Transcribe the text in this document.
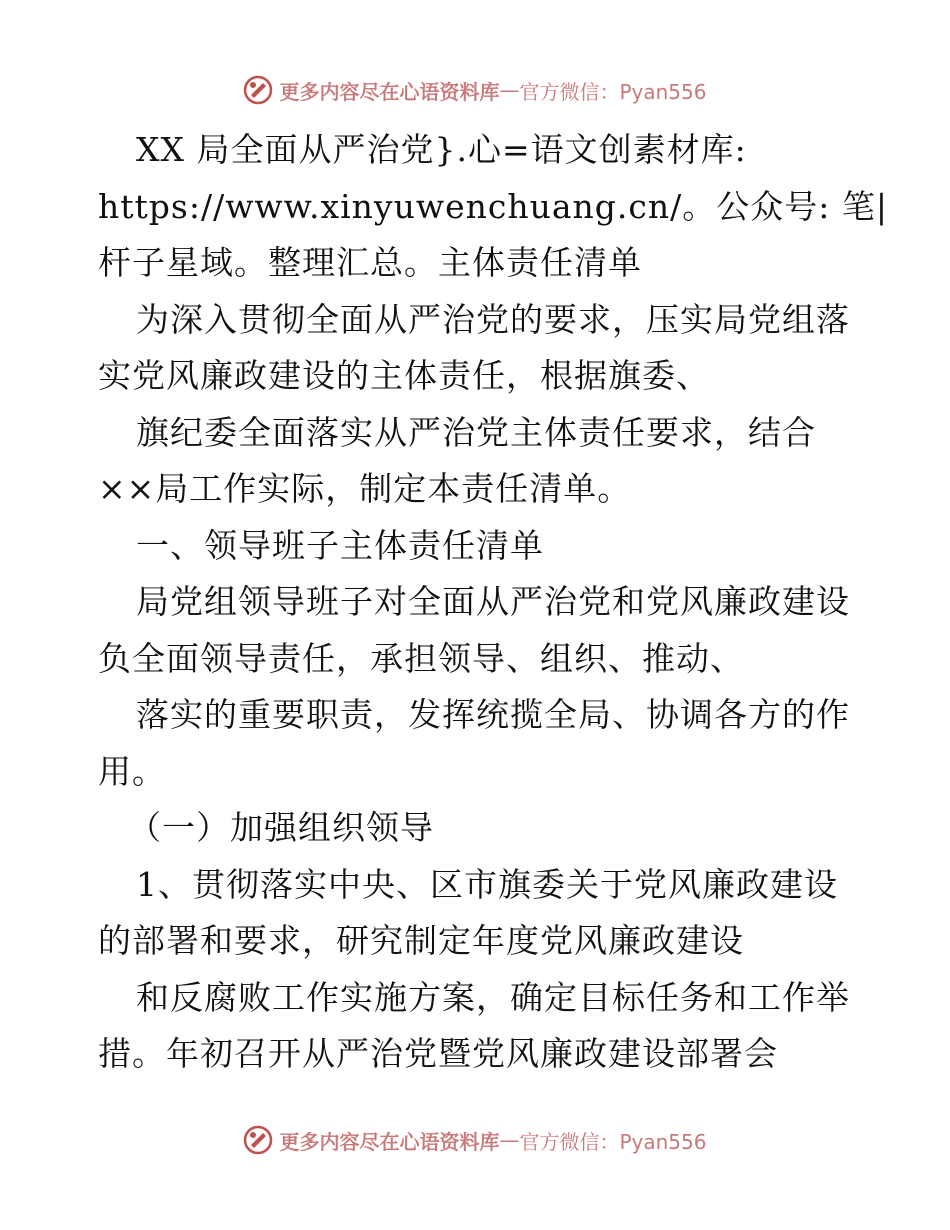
更多内容尽在心语资料库 — 官方微信：Pyan556
XX 局全面从严治党}.心=语文创素材库:
https://www.xinyuwenchuang.cn/。公众号: 笔|
杆子星域。整理汇总。主体责任清单
为深入贯彻全面从严治党的要求，压实局党组落
实党风廉政建设的主体责任，根据旗委、
旗纪委全面落实从严治党主体责任要求，结合
××局工作实际，制定本责任清单。
一、领导班子主体责任清单
局党组领导班子对全面从严治党和党风廉政建设
负全面领导责任，承担领导、组织、推动、
落实的重要职责，发挥统揽全局、协调各方的作
用。
（一）加强组织领导
1、贯彻落实中央、区市旗委关于党风廉政建设
的部署和要求，研究制定年度党风廉政建设
和反腐败工作实施方案，确定目标任务和工作举
措。年初召开从严治党暨党风廉政建设部署会
更多内容尽在心语资料库 — 官方微信：Pyan556
